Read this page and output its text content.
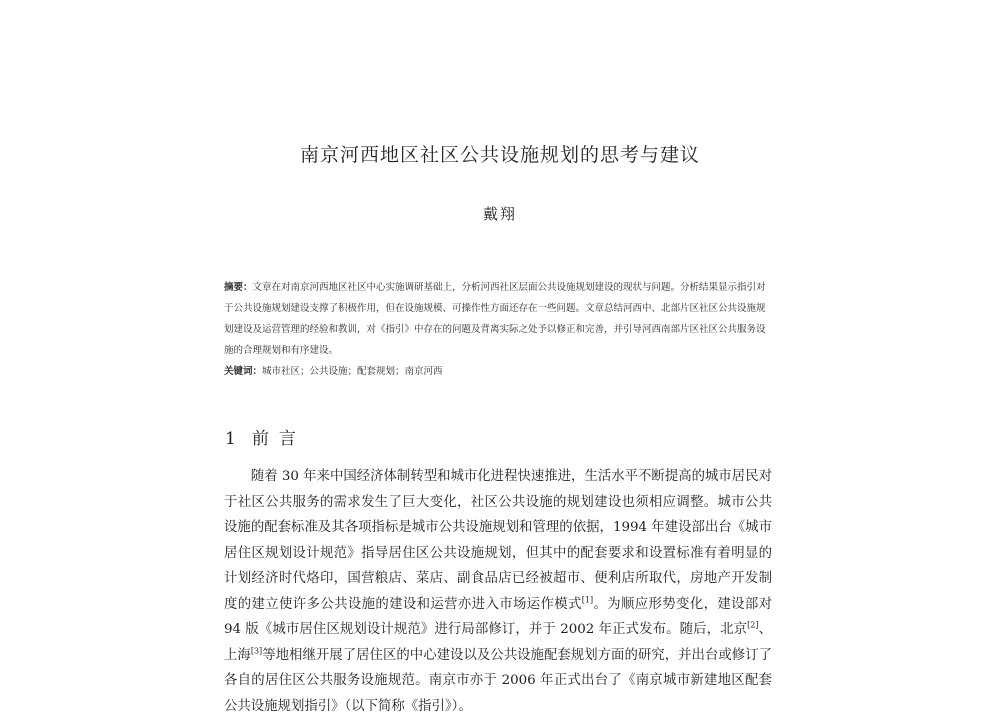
南京河西地区社区公共设施规划的思考与建议
戴翔

摘要：文章在对南京河西地区社区中心实施调研基础上，分析河西社区层面公共设施规划建设的现状与问题。分析结果显示指引对于公共设施规划建设支撑了积极作用，但在设施规模、可操作性方面还存在一些问题。文章总结河西中、北部片区社区公共设施规划建设及运营管理的经验和教训，对《指引》中存在的问题及背离实际之处予以修正和完善，并引导河西南部片区社区公共服务设施的合理规划和有序建设。

关键词：城市社区；公共设施；配套规划；南京河西

1 前言

随着 30 年来中国经济体制转型和城市化进程快速推进，生活水平不断提高的城市居民对于社区公共服务的需求发生了巨大变化，社区公共设施的规划建设也须相应调整。城市公共设施的配套标准及其各项指标是城市公共设施规划和管理的依据，1994 年建设部出台《城市居住区规划设计规范》指导居住区公共设施规划，但其中的配套要求和设置标准有着明显的计划经济时代烙印，国营粮店、菜店、副食品店已经被超市、便利店所取代，房地产开发制度的建立使许多公共设施的建设和运营亦进入市场运作模式[1]。为顺应形势变化，建设部对 94 版《城市居住区规划设计规范》进行局部修订，并于 2002 年正式发布。随后，北京[2]、上海[3]等地相继开展了居住区的中心建设以及公共设施配套规划方面的研究，并出台或修订了各自的居住区公共服务设施规范。南京市亦于 2006 年正式出台了《南京城市新建地区配套公共设施规划指引》（以下简称《指引》）。
